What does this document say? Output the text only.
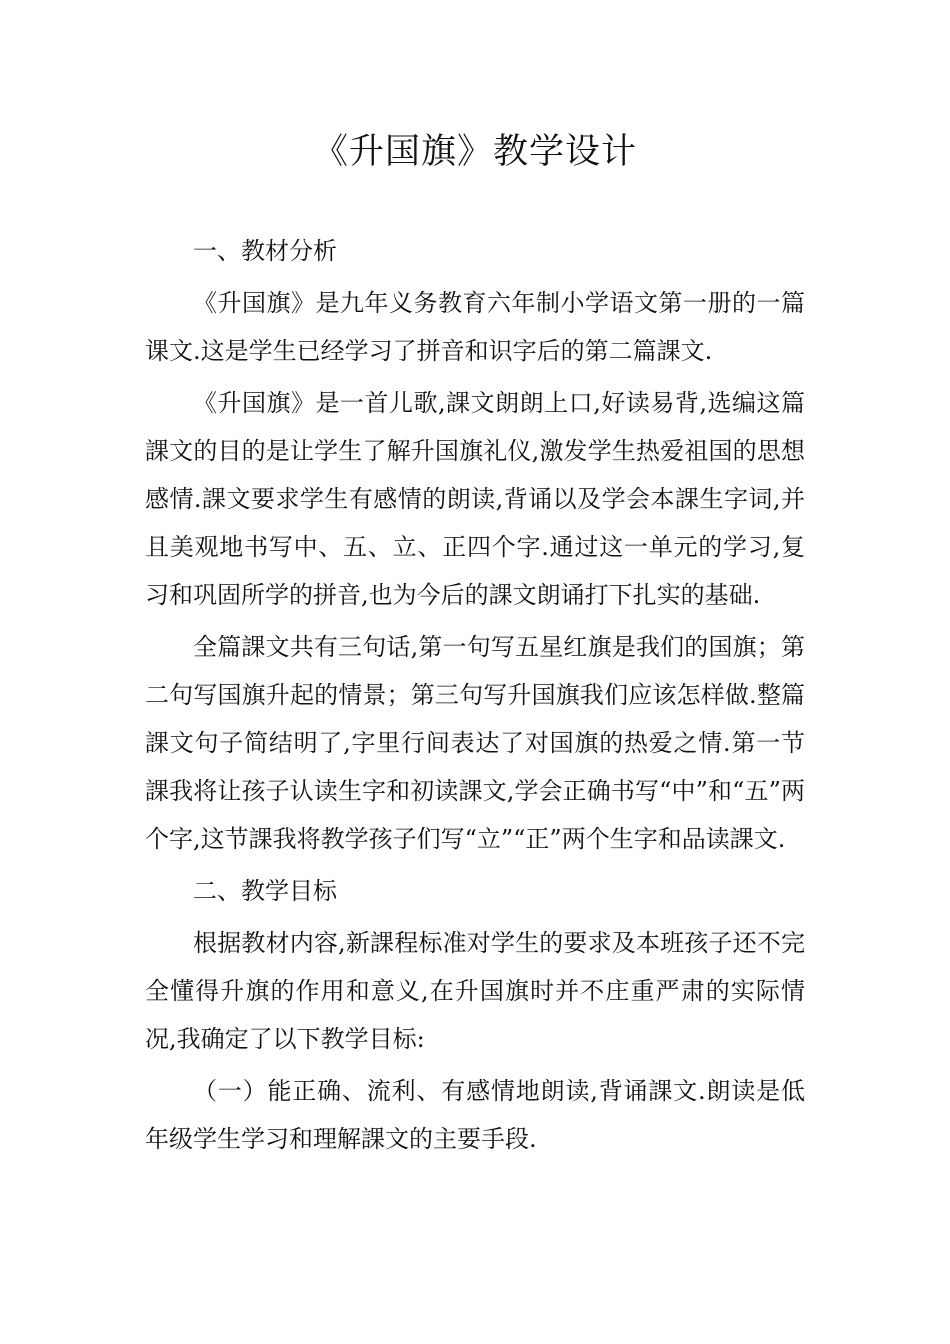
《升国旗》教学设计

一、教材分析

《升国旗》是九年义务教育六年制小学语文第一册的一篇课文.这是学生已经学习了拼音和识字后的第二篇課文.

《升国旗》是一首儿歌,課文朗朗上口,好读易背,选编这篇課文的目的是让学生了解升国旗礼仪,激发学生热爱祖国的思想感情.課文要求学生有感情的朗读,背诵以及学会本課生字词,并且美观地书写中、五、立、正四个字.通过这一单元的学习,复习和巩固所学的拼音,也为今后的課文朗诵打下扎实的基础.

全篇課文共有三句话,第一句写五星红旗是我们的国旗；第二句写国旗升起的情景；第三句写升国旗我们应该怎样做.整篇課文句子简结明了,字里行间表达了对国旗的热爱之情.第一节課我将让孩子认读生字和初读課文,学会正确书写“中”和“五”两个字,这节課我将教学孩子们写“立”“正”两个生字和品读課文.

二、教学目标

根据教材内容,新課程标准对学生的要求及本班孩子还不完全懂得升旗的作用和意义,在升国旗时并不庄重严肃的实际情况,我确定了以下教学目标:

（一）能正确、流利、有感情地朗读,背诵課文.朗读是低年级学生学习和理解課文的主要手段.
